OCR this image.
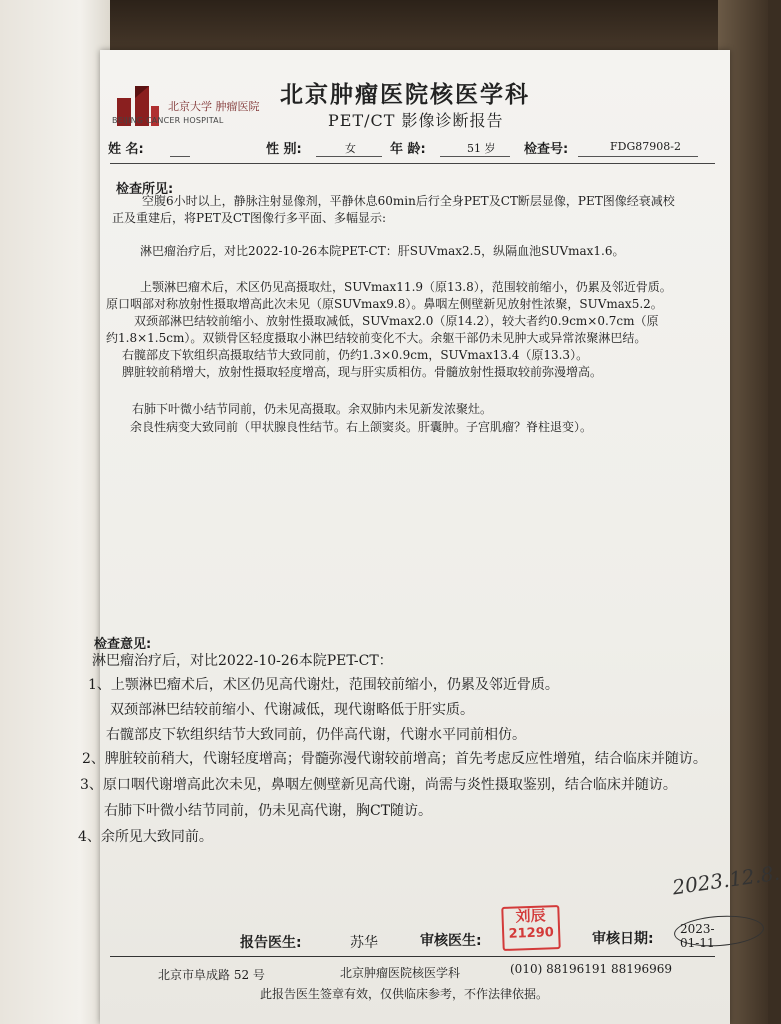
北京大学 肿瘤医院
BEIJING CANCER HOSPITAL
北京肿瘤医院核医学科
PET/CT 影像诊断报告
姓 名:	性 别:	女	年 龄:	51 岁 检查号:	FDG87908-2
检查所见:
空腹6小时以上，静脉注射显像剂，平静休息60min后行全身PET及CT断层显像，PET图像经衰减校
正及重建后，将PET及CT图像行多平面、多幅显示:
淋巴瘤治疗后，对比2022-10-26本院PET-CT：肝SUVmax2.5，纵隔血池SUVmax1.6。
上颚淋巴瘤术后，术区仍见高摄取灶，SUVmax11.9（原13.8），范围较前缩小，仍累及邻近骨质。
原口咽部对称放射性摄取增高此次未见（原SUVmax9.8）。鼻咽左侧壁新见放射性浓聚，SUVmax5.2。
双颈部淋巴结较前缩小、放射性摄取减低，SUVmax2.0（原14.2），较大者约0.9cm×0.7cm（原
约1.8×1.5cm）。双锁骨区轻度摄取小淋巴结较前变化不大。余躯干部仍未见肿大或异常浓聚淋巴结。
右髋部皮下软组织高摄取结节大致同前，仍约1.3×0.9cm，SUVmax13.4（原13.3）。
脾脏较前稍增大，放射性摄取轻度增高，现与肝实质相仿。骨髓放射性摄取较前弥漫增高。
右肺下叶微小结节同前，仍未见高摄取。余双肺内未见新发浓聚灶。
余良性病变大致同前（甲状腺良性结节。右上颌窦炎。肝囊肿。子宫肌瘤？脊柱退变）。
检查意见:
淋巴瘤治疗后，对比2022-10-26本院PET-CT：
1、上颚淋巴瘤术后，术区仍见高代谢灶，范围较前缩小，仍累及邻近骨质。
双颈部淋巴结较前缩小、代谢减低，现代谢略低于肝实质。
右髋部皮下软组织结节大致同前，仍伴高代谢，代谢水平同前相仿。
2、脾脏较前稍大，代谢轻度增高；骨髓弥漫代谢较前增高；首先考虑反应性增殖，结合临床并随访。
3、原口咽代谢增高此次未见，鼻咽左侧壁新见高代谢，尚需与炎性摄取鉴别，结合临床并随访。
右肺下叶微小结节同前，仍未见高代谢，胸CT随访。
4、余所见大致同前。
2023.12.8.
报告医生:	苏华	审核医生:	审核日期:
刘辰
21290	2023-01-11
北京市阜成路 52 号	北京肿瘤医院核医学科	(010) 88196191 88196969
此报告医生签章有效，仅供临床参考，不作法律依据。
